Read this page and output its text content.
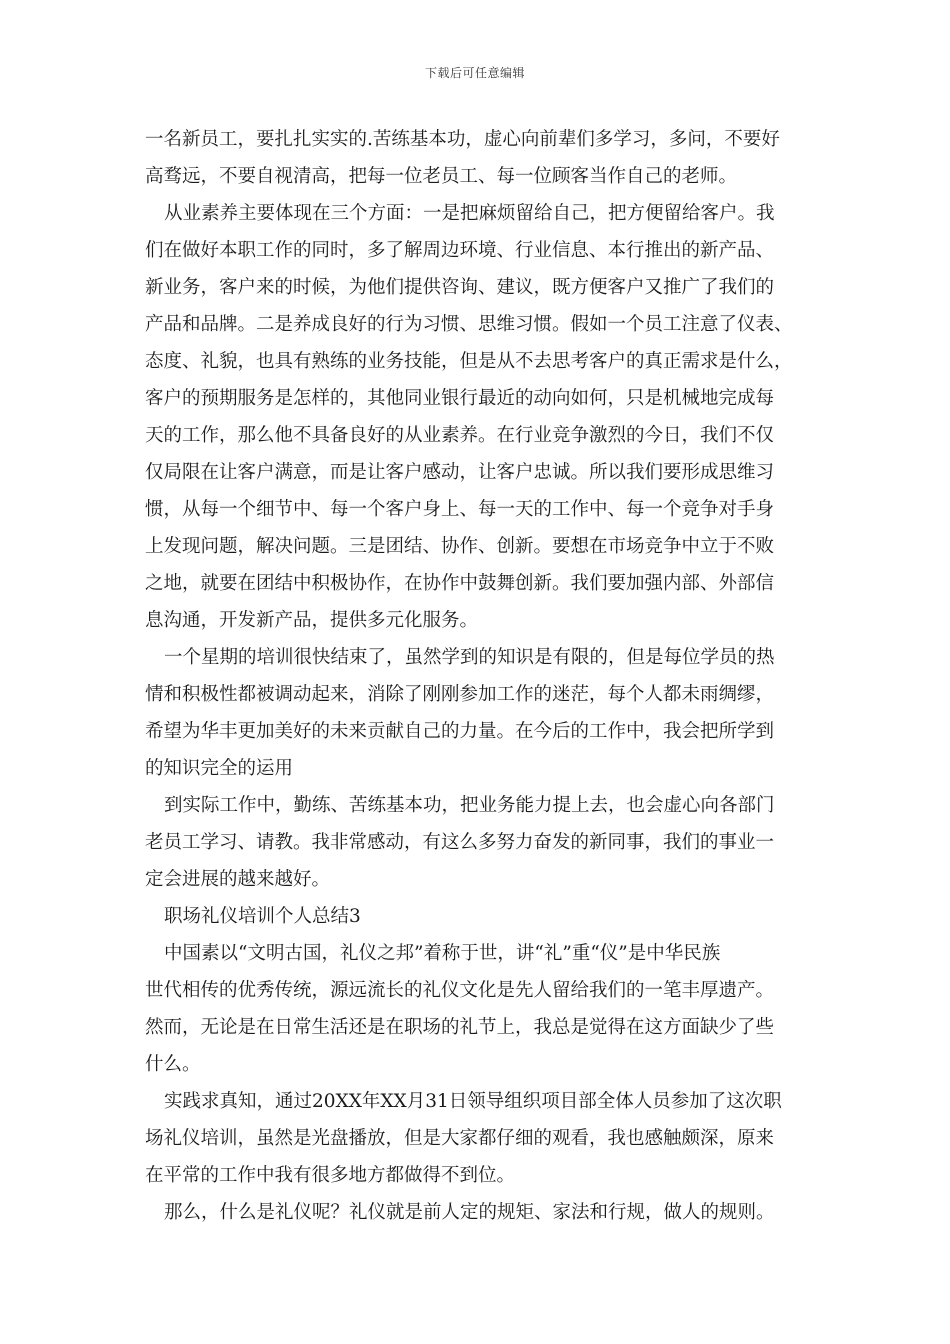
下载后可任意编辑
一名新员工，要扎扎实实的.苦练基本功，虚心向前辈们多学习，多问，不要好
高骛远，不要自视清高，把每一位老员工、每一位顾客当作自己的老师。
从业素养主要体现在三个方面：一是把麻烦留给自己，把方便留给客户。我
们在做好本职工作的同时，多了解周边环境、行业信息、本行推出的新产品、
新业务，客户来的时候，为他们提供咨询、建议，既方便客户又推广了我们的
产品和品牌。二是养成良好的行为习惯、思维习惯。假如一个员工注意了仪表、
态度、礼貌，也具有熟练的业务技能，但是从不去思考客户的真正需求是什么，
客户的预期服务是怎样的，其他同业银行最近的动向如何，只是机械地完成每
天的工作，那么他不具备良好的从业素养。在行业竞争激烈的今日，我们不仅
仅局限在让客户满意，而是让客户感动，让客户忠诚。所以我们要形成思维习
惯，从每一个细节中、每一个客户身上、每一天的工作中、每一个竞争对手身
上发现问题，解决问题。三是团结、协作、创新。要想在市场竞争中立于不败
之地，就要在团结中积极协作，在协作中鼓舞创新。我们要加强内部、外部信
息沟通，开发新产品，提供多元化服务。
一个星期的培训很快结束了，虽然学到的知识是有限的，但是每位学员的热
情和积极性都被调动起来，消除了刚刚参加工作的迷茫，每个人都未雨绸缪，
希望为华丰更加美好的未来贡献自己的力量。在今后的工作中，我会把所学到
的知识完全的运用
到实际工作中，勤练、苦练基本功，把业务能力提上去，也会虚心向各部门
老员工学习、请教。我非常感动，有这么多努力奋发的新同事，我们的事业一
定会进展的越来越好。
职场礼仪培训个人总结3
中国素以“文明古国，礼仪之邦”着称于世，讲“礼”重“仪”是中华民族
世代相传的优秀传统，源远流长的礼仪文化是先人留给我们的一笔丰厚遗产。
然而，无论是在日常生活还是在职场的礼节上，我总是觉得在这方面缺少了些
什么。
实践求真知，通过20XX年XX月31日领导组织项目部全体人员参加了这次职
场礼仪培训，虽然是光盘播放，但是大家都仔细的观看，我也感触颇深，原来
在平常的工作中我有很多地方都做得不到位。
那么，什么是礼仪呢？礼仪就是前人定的规矩、家法和行规，做人的规则。
